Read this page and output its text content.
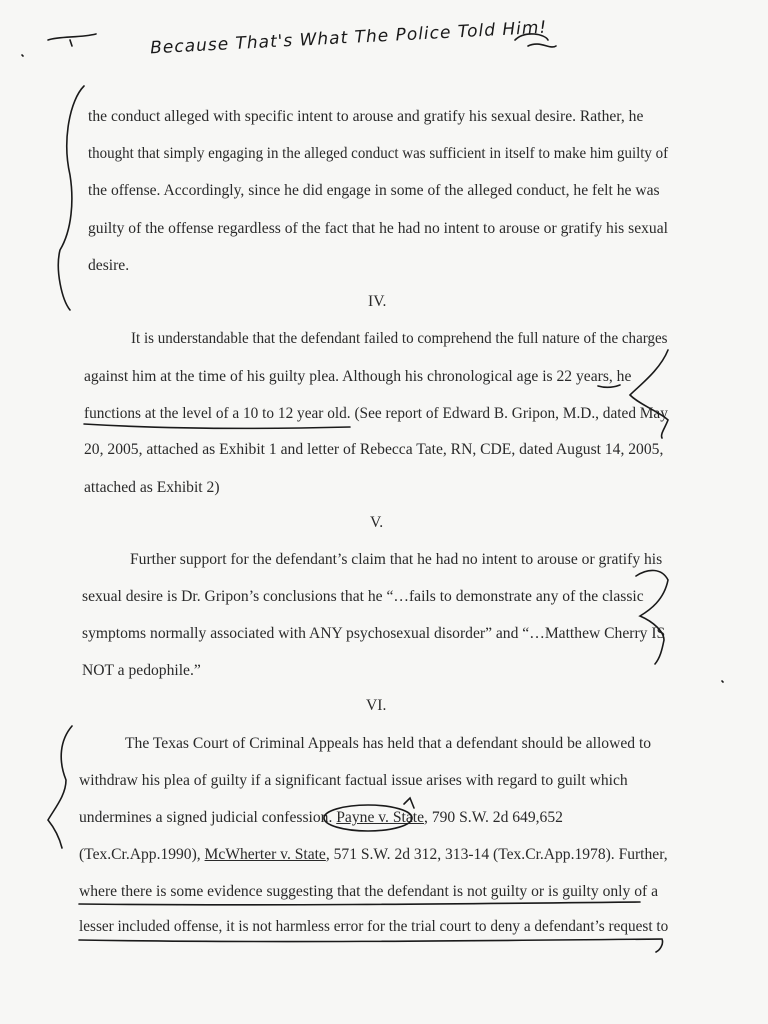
Because That's What The Police Told Him!
the conduct alleged with specific intent to arouse and gratify his sexual desire. Rather, he
thought that simply engaging in the alleged conduct was sufficient in itself to make him guilty of
the offense. Accordingly, since he did engage in some of the alleged conduct, he felt he was
guilty of the offense regardless of the fact that he had no intent to arouse or gratify his sexual
desire.
IV.
It is understandable that the defendant failed to comprehend the full nature of the charges
against him at the time of his guilty plea. Although his chronological age is 22 years, he
functions at the level of a 10 to 12 year old. (See report of Edward B. Gripon, M.D., dated May
20, 2005, attached as Exhibit 1 and letter of Rebecca Tate, RN, CDE, dated August 14, 2005,
attached as Exhibit 2)
V.
Further support for the defendant’s claim that he had no intent to arouse or gratify his
sexual desire is Dr. Gripon’s conclusions that he “…fails to demonstrate any of the classic
symptoms normally associated with ANY psychosexual disorder” and “…Matthew Cherry IS
NOT a pedophile.”
VI.
The Texas Court of Criminal Appeals has held that a defendant should be allowed to
withdraw his plea of guilty if a significant factual issue arises with regard to guilt which
undermines a signed judicial confession. Payne v. State, 790 S.W. 2d 649,652
(Tex.Cr.App.1990), McWherter v. State, 571 S.W. 2d 312, 313-14 (Tex.Cr.App.1978). Further,
where there is some evidence suggesting that the defendant is not guilty or is guilty only of a
lesser included offense, it is not harmless error for the trial court to deny a defendant’s request to
